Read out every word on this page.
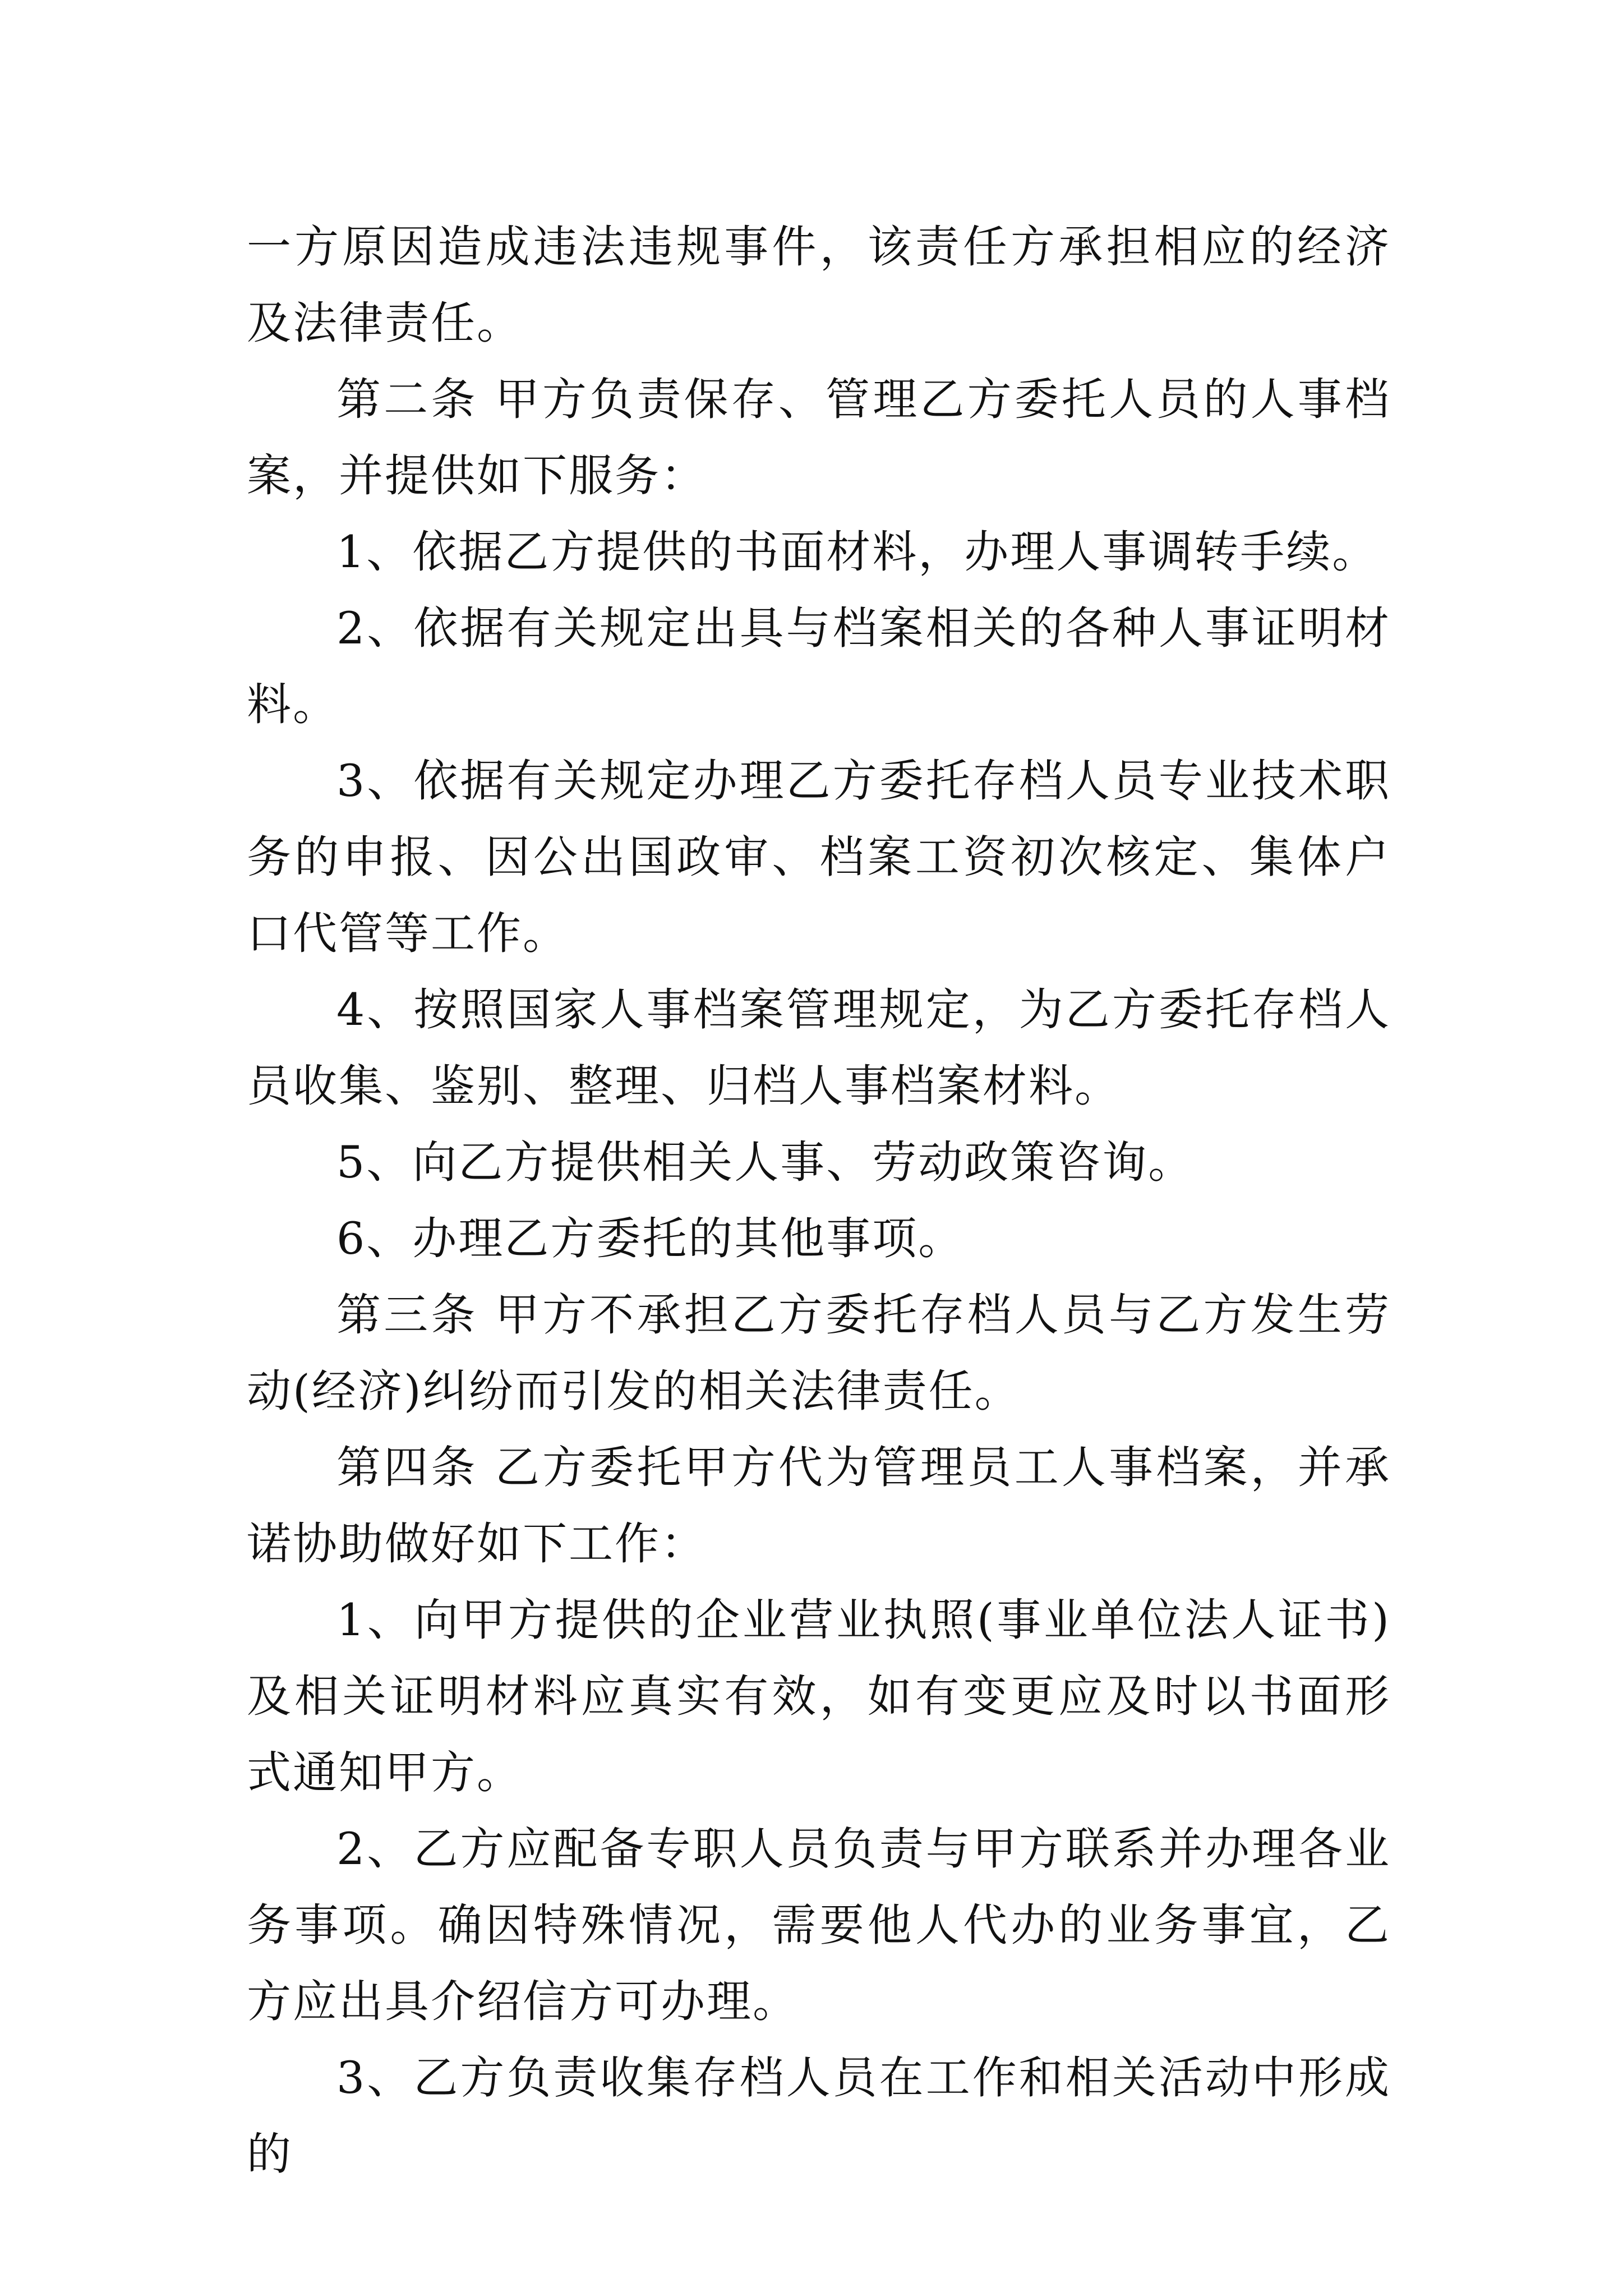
一方原因造成违法违规事件，该责任方承担相应的经济及法律责任。

第二条 甲方负责保存、管理乙方委托人员的人事档案，并提供如下服务：

1、依据乙方提供的书面材料，办理人事调转手续。

2、依据有关规定出具与档案相关的各种人事证明材料。

3、依据有关规定办理乙方委托存档人员专业技术职务的申报、因公出国政审、档案工资初次核定、集体户口代管等工作。

4、按照国家人事档案管理规定，为乙方委托存档人员收集、鉴别、整理、归档人事档案材料。

5、向乙方提供相关人事、劳动政策咨询。

6、办理乙方委托的其他事项。

第三条 甲方不承担乙方委托存档人员与乙方发生劳动(经济)纠纷而引发的相关法律责任。

第四条 乙方委托甲方代为管理员工人事档案，并承诺协助做好如下工作：

1、向甲方提供的企业营业执照(事业单位法人证书)及相关证明材料应真实有效，如有变更应及时以书面形式通知甲方。

2、乙方应配备专职人员负责与甲方联系并办理各业务事项。确因特殊情况，需要他人代办的业务事宜，乙方应出具介绍信方可办理。

3、乙方负责收集存档人员在工作和相关活动中形成的
